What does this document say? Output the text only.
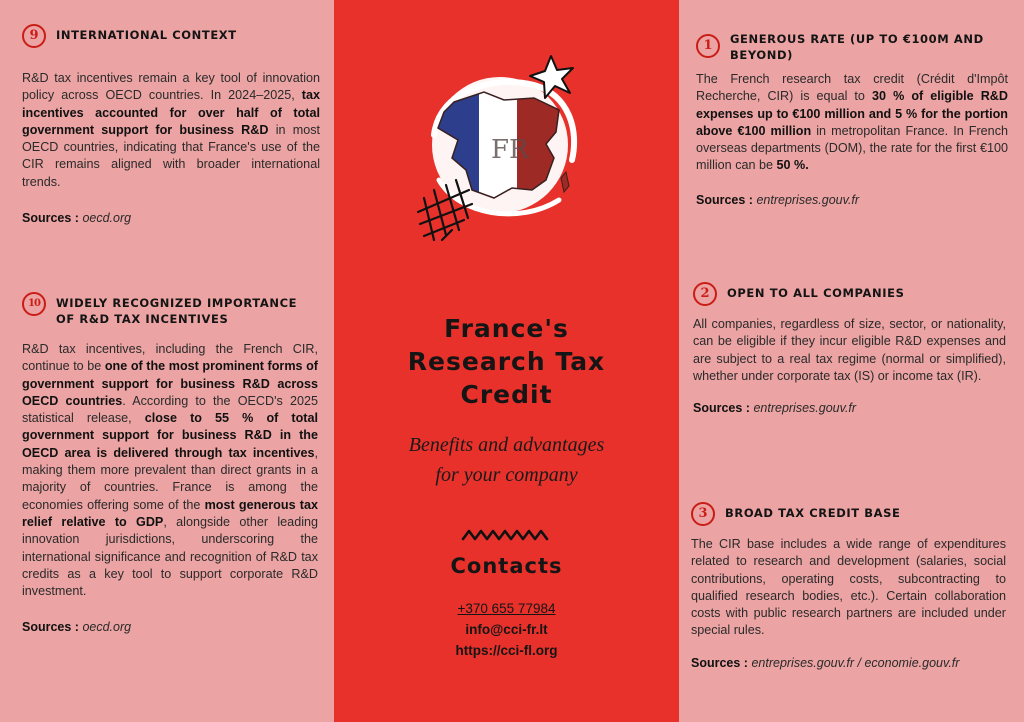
9	INTERNATIONAL CONTEXT
R&D tax incentives remain a key tool of innovation policy across OECD countries. In 2024–2025, tax incentives accounted for over half of total government support for business R&D in most OECD countries, indicating that France's use of the CIR remains aligned with broader international trends.
Sources : oecd.org
10	WIDELY RECOGNIZED IMPORTANCE OF R&D TAX INCENTIVES
R&D tax incentives, including the French CIR, continue to be one of the most prominent forms of government support for business R&D across OECD countries. According to the OECD's 2025 statistical release, close to 55 % of total government support for business R&D in the OECD area is delivered through tax incentives, making them more prevalent than direct grants in a majority of countries. France is among the economies offering some of the most generous tax relief relative to GDP, alongside other leading innovation jurisdictions, underscoring the international significance and recognition of R&D tax credits as a key tool to support corporate R&D investment.
Sources : oecd.org
FR
France's
Research Tax
Credit
Benefits and advantages
for your company
Contacts
+370 655 77984
info@cci-fr.lt
https://cci-fl.org
1	GENEROUS RATE (UP TO €100M AND BEYOND)
The French research tax credit (Crédit d'Impôt Recherche, CIR) is equal to 30 % of eligible R&D expenses up to €100 million and 5 % for the portion above €100 million in metropolitan France. In French overseas departments (DOM), the rate for the first €100 million can be 50 %.
Sources : entreprises.gouv.fr
2	OPEN TO ALL COMPANIES
All companies, regardless of size, sector, or nationality, can be eligible if they incur eligible R&D expenses and are subject to a real tax regime (normal or simplified), whether under corporate tax (IS) or income tax (IR).
Sources : entreprises.gouv.fr
3	BROAD TAX CREDIT BASE
The CIR base includes a wide range of expenditures related to research and development (salaries, social contributions, operating costs, subcontracting to qualified research bodies, etc.). Certain collaboration costs with public research partners are included under special rules.
Sources : entreprises.gouv.fr / economie.gouv.fr
